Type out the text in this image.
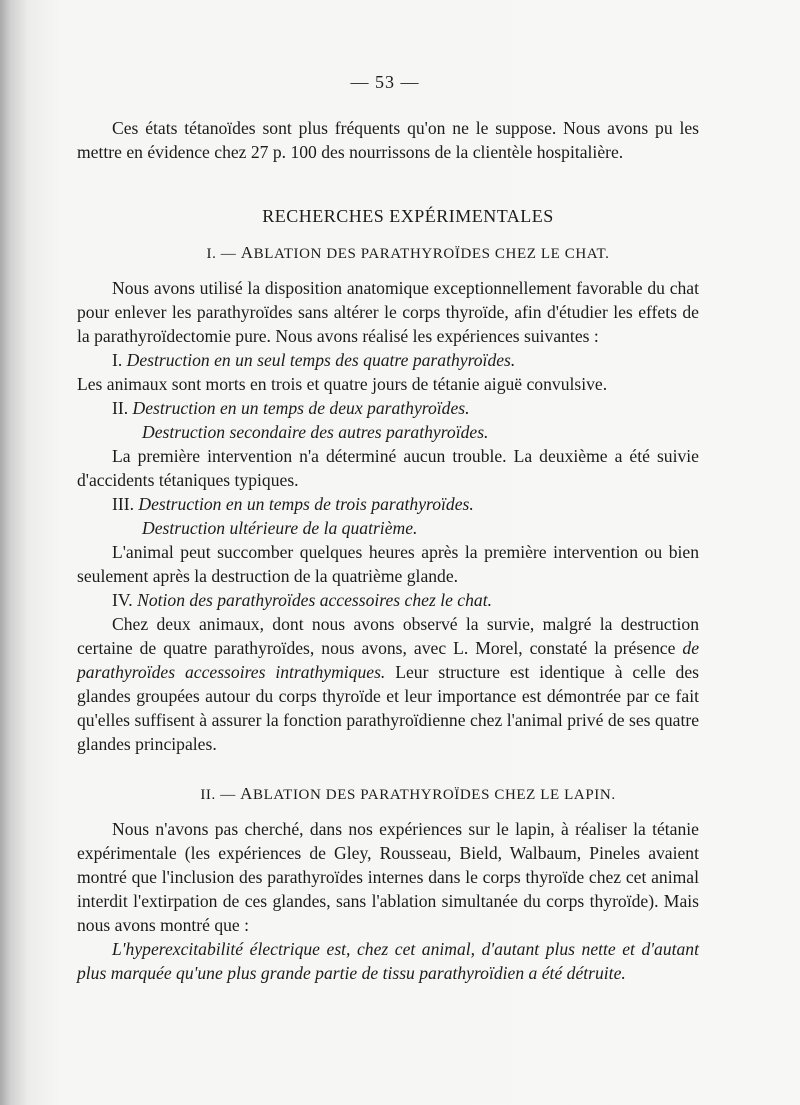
— 53 —

Ces états tétanoïdes sont plus fréquents qu'on ne le suppose. Nous avons pu les mettre en évidence chez 27 p. 100 des nourrissons de la clientèle hospitalière.

RECHERCHES EXPÉRIMENTALES
I. — ABLATION DES PARATHYROÏDES CHEZ LE CHAT.

Nous avons utilisé la disposition anatomique exceptionnellement favorable du chat pour enlever les parathyroïdes sans altérer le corps thyroïde, afin d'étudier les effets de la parathyroïdectomie pure. Nous avons réalisé les expériences suivantes :

I. Destruction en un seul temps des quatre parathyroïdes.

Les animaux sont morts en trois et quatre jours de tétanie aiguë convulsive.

II. Destruction en un temps de deux parathyroïdes.

Destruction secondaire des autres parathyroïdes.

La première intervention n'a déterminé aucun trouble. La deuxième a été suivie d'accidents tétaniques typiques.

III. Destruction en un temps de trois parathyroïdes.

Destruction ultérieure de la quatrième.

L'animal peut succomber quelques heures après la première intervention ou bien seulement après la destruction de la quatrième glande.

IV. Notion des parathyroïdes accessoires chez le chat.

Chez deux animaux, dont nous avons observé la survie, malgré la destruction certaine de quatre parathyroïdes, nous avons, avec L. Morel, constaté la présence de parathyroïdes accessoires intrathymiques. Leur structure est identique à celle des glandes groupées autour du corps thyroïde et leur importance est démontrée par ce fait qu'elles suffisent à assurer la fonction parathyroïdienne chez l'animal privé de ses quatre glandes principales.

II. — ABLATION DES PARATHYROÏDES CHEZ LE LAPIN.

Nous n'avons pas cherché, dans nos expériences sur le lapin, à réaliser la tétanie expérimentale (les expériences de Gley, Rousseau, Bield, Walbaum, Pineles avaient montré que l'inclusion des parathyroïdes internes dans le corps thyroïde chez cet animal interdit l'extirpation de ces glandes, sans l'ablation simultanée du corps thyroïde). Mais nous avons montré que :

L'hyperexcitabilité électrique est, chez cet animal, d'autant plus nette et d'autant plus marquée qu'une plus grande partie de tissu parathyroïdien a été détruite.
